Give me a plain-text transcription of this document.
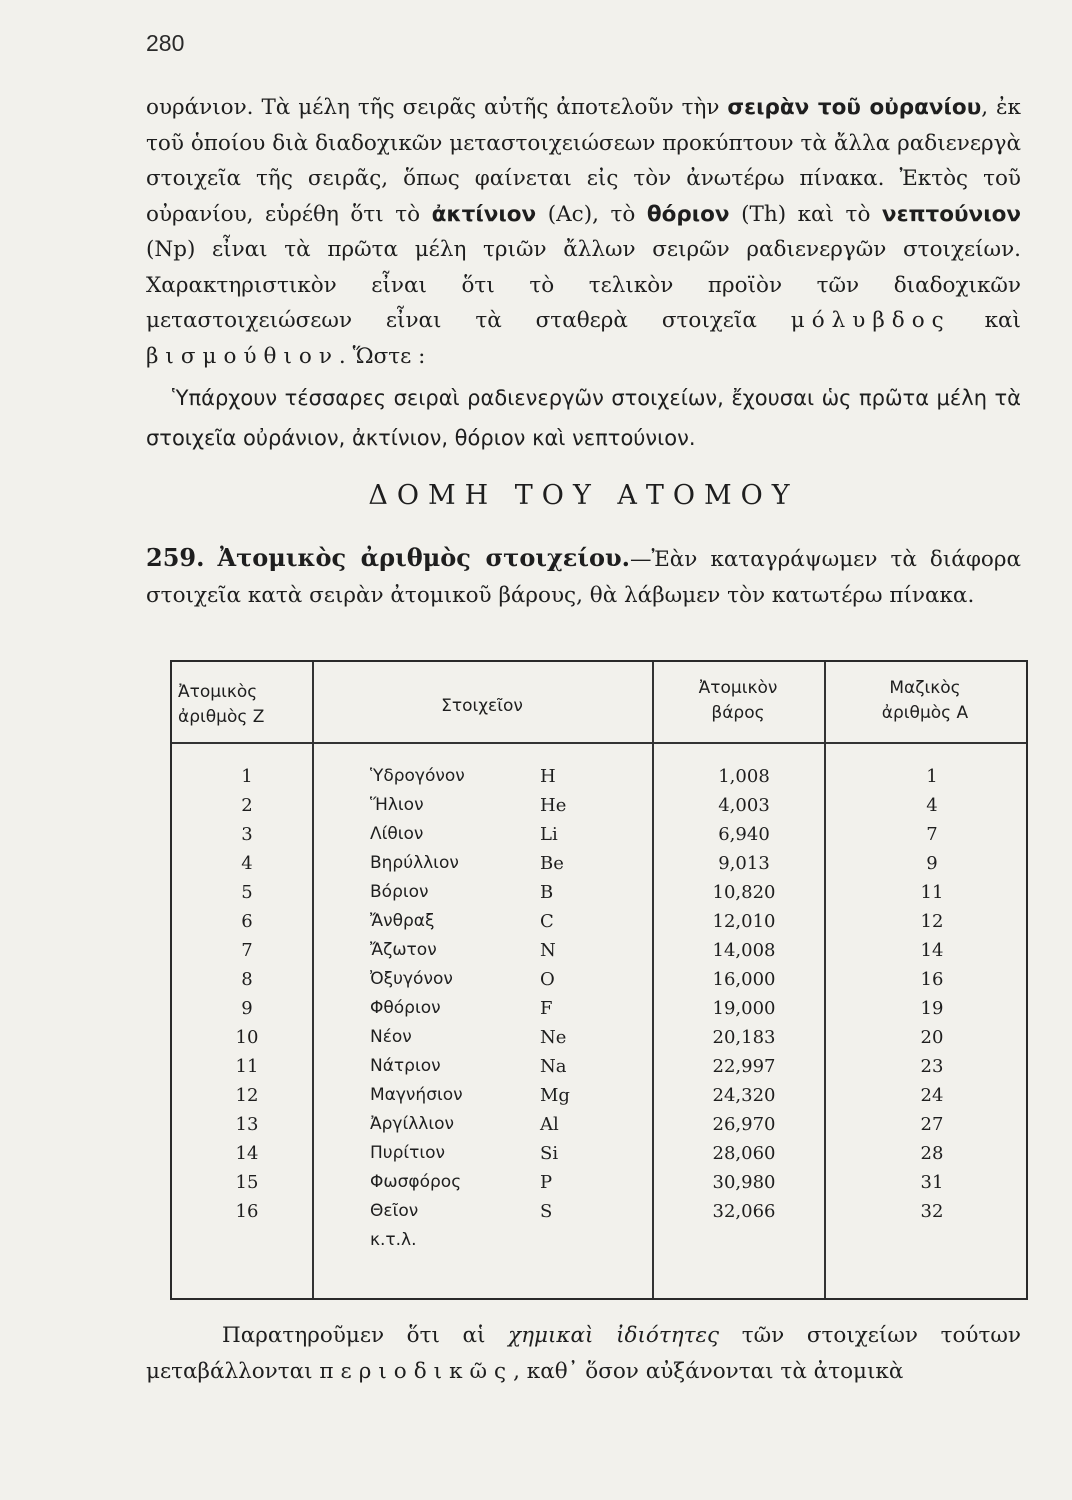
280

ουράνιον. Τὰ μέλη τῆς σειρᾶς αὐτῆς ἀποτελοῦν τὴν σειρὰν τοῦ οὐρανίου, ἐκ τοῦ ὁποίου διὰ διαδοχικῶν μεταστοιχειώσεων προκύπτουν τὰ ἄλλα ραδιενεργὰ στοιχεῖα τῆς σειρᾶς, ὅπως φαίνεται εἰς τὸν ἀνωτέρω πίνακα. Ἐκτὸς τοῦ οὐρανίου, εὑρέθη ὅτι τὸ ἀκτίνιον (Ac), τὸ θόριον (Th) καὶ τὸ νεπτούνιον (Np) εἶναι τὰ πρῶτα μέλη τριῶν ἄλλων σειρῶν ραδιενεργῶν στοιχείων. Χαρακτηριστικὸν εἶναι ὅτι τὸ τελικὸν προϊὸν τῶν διαδοχικῶν μεταστοιχειώσεων εἶναι τὰ σταθερὰ στοιχεῖα μόλυβδος καὶ βισμούθιον. Ὥστε :

Ὑπάρχουν τέσσαρες σειραὶ ραδιενεργῶν στοιχείων, ἔχουσαι ὡς πρῶτα μέλη τὰ στοιχεῖα οὐράνιον, ἀκτίνιον, θόριον καὶ νεπτούνιον.

ΔΟΜΗ ΤΟΥ ΑΤΟΜΟΥ

259. Ἀτομικὸς ἀριθμὸς στοιχείου.—Ἐὰν καταγράψωμεν τὰ διάφορα στοιχεῖα κατὰ σειρὰν ἀτομικοῦ βάρους, θὰ λάβωμεν τὸν κατωτέρω πίνακα.

Ἀτομικὸς
ἀριθμὸς Z
Στοιχεῖον
Ἀτομικὸν
βάρος
Μαζικὸς
ἀριθμὸς A
1
2
3
4
5
6
7
8
9
10
11
12
13
14
15
16
Ὑδρογόνον
Ἥλιον
Λίθιον
Βηρύλλιον
Βόριον
Ἄνθραξ
Ἄζωτον
Ὀξυγόνον
Φθόριον
Νέον
Νάτριον
Μαγνήσιον
Ἀργίλλιον
Πυρίτιον
Φωσφόρος
Θεῖον
κ.τ.λ.
H
He
Li
Be
B
C
N
O
F
Ne
Na
Mg
Al
Si
P
S
1,008
4,003
6,940
9,013
10,820
12,010
14,008
16,000
19,000
20,183
22,997
24,320
26,970
28,060
30,980
32,066
1
4
7
9
11
12
14
16
19
20
23
24
27
28
31
32

Παρατηροῦμεν ὅτι αἱ χημικαὶ ἰδιότητες τῶν στοιχείων τούτων μεταβάλλονται περιοδικῶς, καθ᾽ ὅσον αὐξάνονται τὰ ἀτομικὰ
